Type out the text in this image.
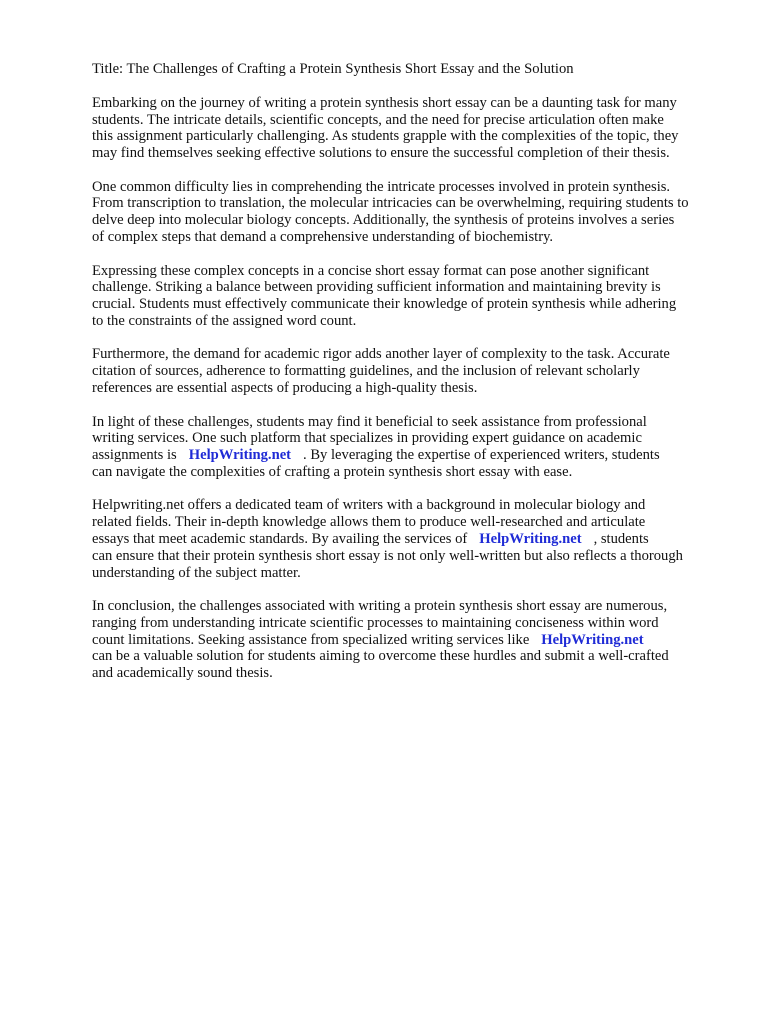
Title: The Challenges of Crafting a Protein Synthesis Short Essay and the Solution

Embarking on the journey of writing a protein synthesis short essay can be a daunting task for many
students. The intricate details, scientific concepts, and the need for precise articulation often make
this assignment particularly challenging. As students grapple with the complexities of the topic, they
may find themselves seeking effective solutions to ensure the successful completion of their thesis.

One common difficulty lies in comprehending the intricate processes involved in protein synthesis.
From transcription to translation, the molecular intricacies can be overwhelming, requiring students to
delve deep into molecular biology concepts. Additionally, the synthesis of proteins involves a series
of complex steps that demand a comprehensive understanding of biochemistry.

Expressing these complex concepts in a concise short essay format can pose another significant
challenge. Striking a balance between providing sufficient information and maintaining brevity is
crucial. Students must effectively communicate their knowledge of protein synthesis while adhering
to the constraints of the assigned word count.

Furthermore, the demand for academic rigor adds another layer of complexity to the task. Accurate
citation of sources, adherence to formatting guidelines, and the inclusion of relevant scholarly
references are essential aspects of producing a high-quality thesis.

In light of these challenges, students may find it beneficial to seek assistance from professional
writing services. One such platform that specializes in providing expert guidance on academic
assignments is HelpWriting.net . By leveraging the expertise of experienced writers, students
can navigate the complexities of crafting a protein synthesis short essay with ease.

Helpwriting.net offers a dedicated team of writers with a background in molecular biology and
related fields. Their in-depth knowledge allows them to produce well-researched and articulate
essays that meet academic standards. By availing the services of HelpWriting.net , students
can ensure that their protein synthesis short essay is not only well-written but also reflects a thorough
understanding of the subject matter.

In conclusion, the challenges associated with writing a protein synthesis short essay are numerous,
ranging from understanding intricate scientific processes to maintaining conciseness within word
count limitations. Seeking assistance from specialized writing services like HelpWriting.net
can be a valuable solution for students aiming to overcome these hurdles and submit a well-crafted
and academically sound thesis.
